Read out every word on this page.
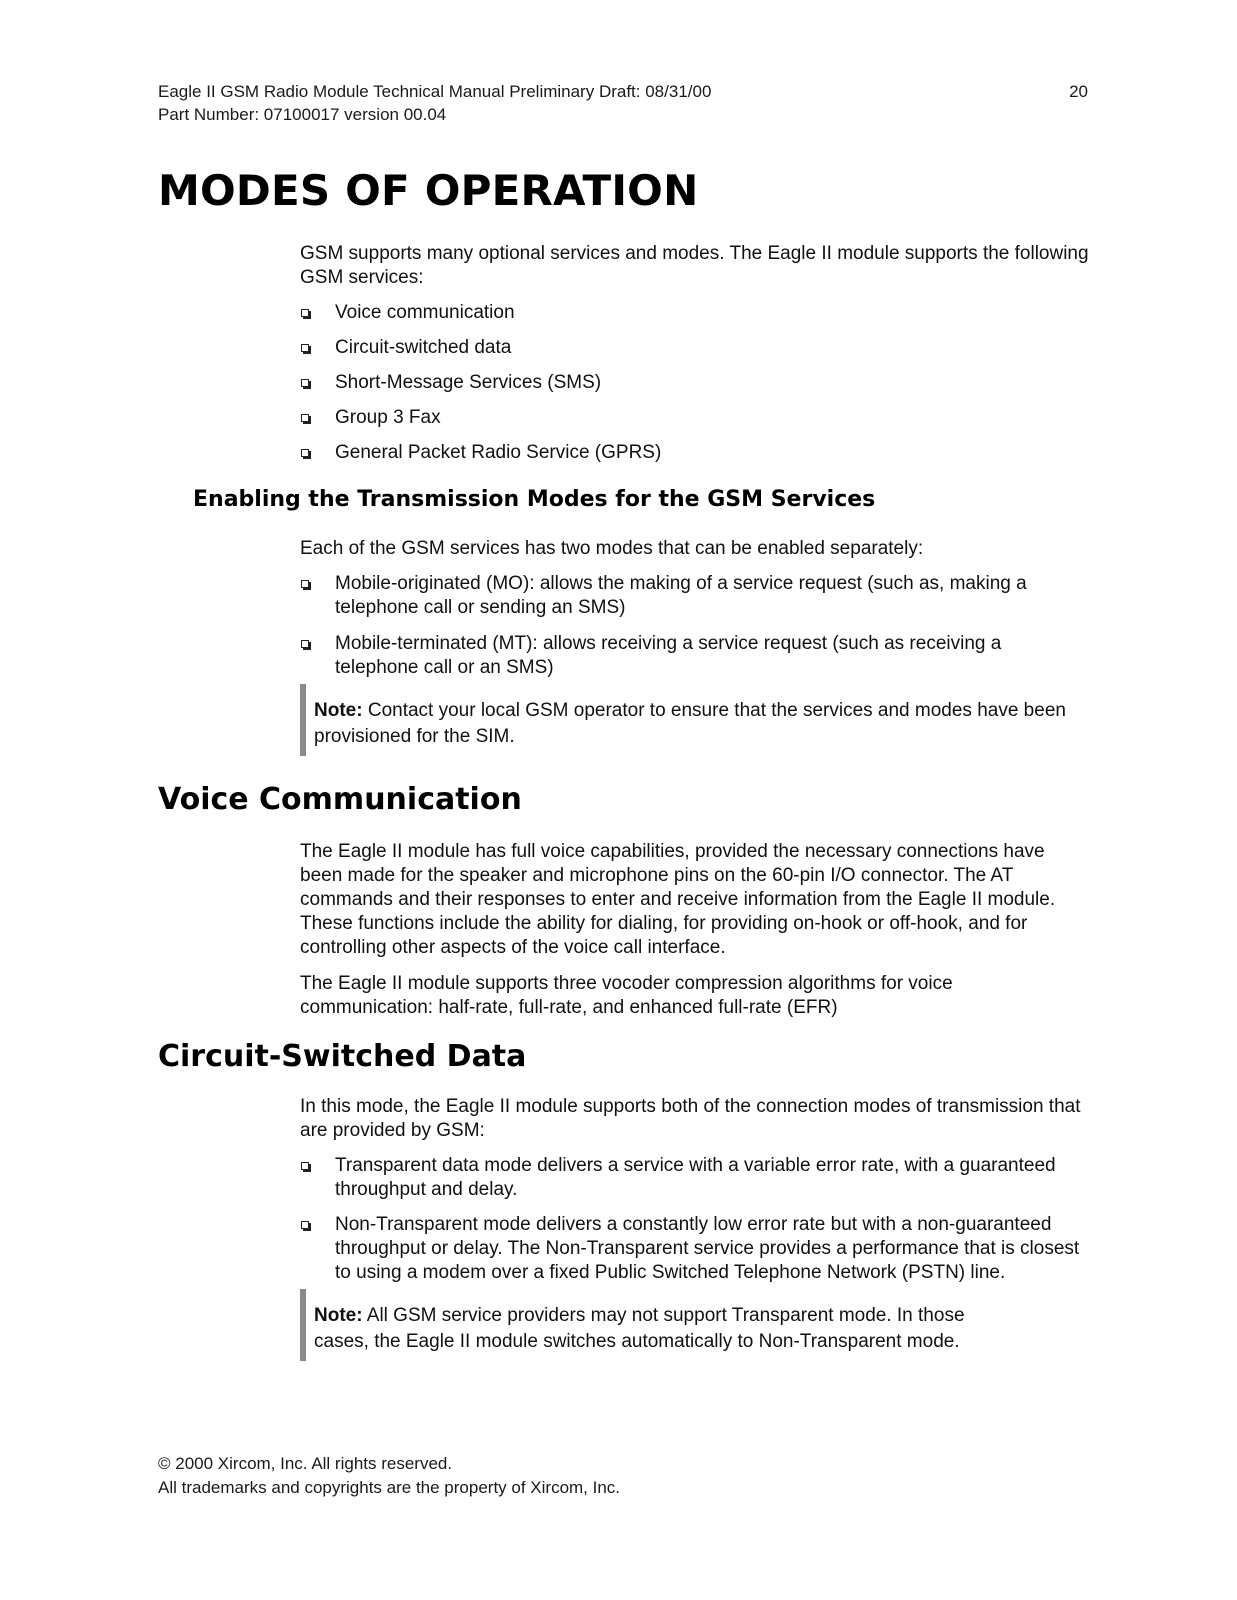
Eagle II GSM Radio Module Technical Manual Preliminary Draft: 08/31/00
Part Number: 07100017 version 00.04
20
MODES OF OPERATION

GSM supports many optional services and modes. The Eagle II module supports the following GSM services:

Voice communication
Circuit-switched data
Short-Message Services (SMS)
Group 3 Fax
General Packet Radio Service (GPRS)
Enabling the Transmission Modes for the GSM Services

Each of the GSM services has two modes that can be enabled separately:

Mobile-originated (MO): allows the making of a service request (such as, making a telephone call or sending an SMS)
Mobile-terminated (MT): allows receiving a service request (such as receiving a telephone call or an SMS)
Note: Contact your local GSM operator to ensure that the services and modes have been provisioned for the SIM.
Voice Communication

The Eagle II module has full voice capabilities, provided the necessary connections have been made for the speaker and microphone pins on the 60-pin I/O connector. The AT commands and their responses to enter and receive information from the Eagle II module. These functions include the ability for dialing, for providing on-hook or off-hook, and for controlling other aspects of the voice call interface.

The Eagle II module supports three vocoder compression algorithms for voice communication: half-rate, full-rate, and enhanced full-rate (EFR)

Circuit-Switched Data

In this mode, the Eagle II module supports both of the connection modes of transmission that are provided by GSM:

Transparent data mode delivers a service with a variable error rate, with a guaranteed throughput and delay.
Non-Transparent mode delivers a constantly low error rate but with a non-guaranteed throughput or delay. The Non-Transparent service provides a performance that is closest to using a modem over a fixed Public Switched Telephone Network (PSTN) line.
Note: All GSM service providers may not support Transparent mode. In those cases, the Eagle II module switches automatically to Non-Transparent mode.
© 2000 Xircom, Inc. All rights reserved.
All trademarks and copyrights are the property of Xircom, Inc.
